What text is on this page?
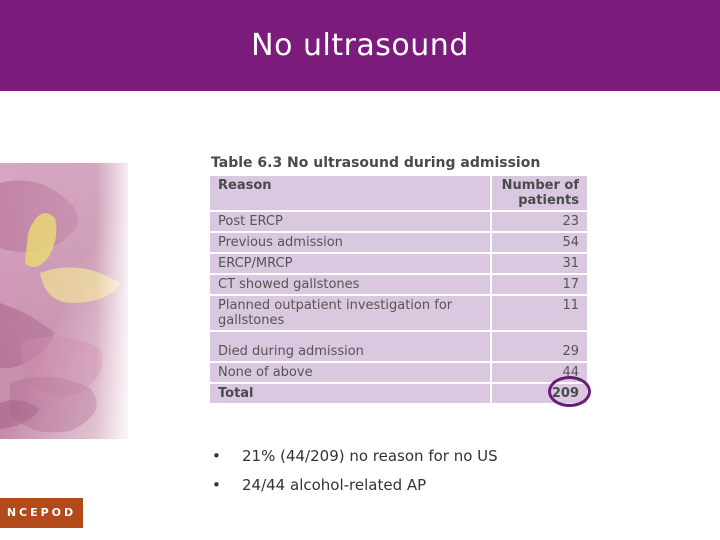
No ultrasound
Table 6.3 No ultrasound during admission
Reason	Number of patients
Post ERCP	23
Previous admission	54
ERCP/MRCP	31
CT showed gallstones	17
Planned outpatient investigation for gallstones	11
Died during admission	29
None of above	44
Total	209
• 21% (44/209) no reason for no US
• 24/44 alcohol-related AP
NCEPOD
